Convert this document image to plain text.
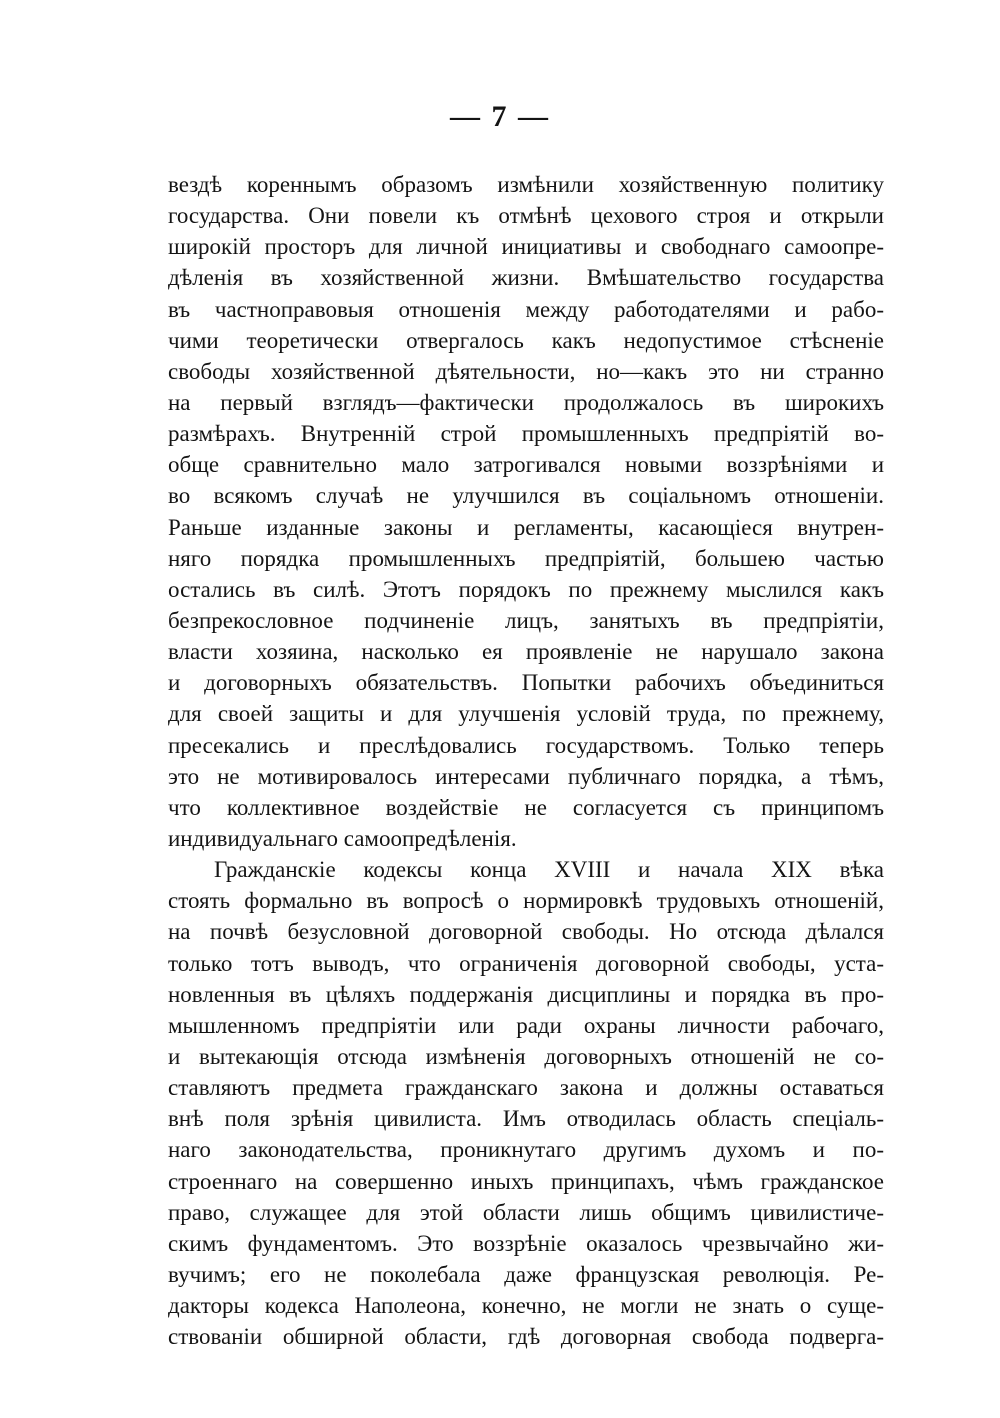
— 7 —
вездѣ кореннымъ образомъ измѣнили хозяйственную политику
государства. Они повели къ отмѣнѣ цехового строя и открыли
широкій просторъ для личной инициативы и свободнаго самоопре-
дѣленія въ хозяйственной жизни. Вмѣшательство государства
въ частноправовыя отношенія между работодателями и рабо-
чими теоретически отвергалось какъ недопустимое стѣсненіе
свободы хозяйственной дѣятельности, но—какъ это ни странно
на первый взглядъ—фактически продолжалось въ широкихъ
размѣрахъ. Внутренній строй промышленныхъ предпріятій во-
обще сравнительно мало затрогивался новыми воззрѣніями и
во всякомъ случаѣ не улучшился въ соціальномъ отношеніи.
Раньше изданные законы и регламенты, касающіеся внутрен-
няго порядка промышленныхъ предпріятій, большею частью
остались въ силѣ. Этотъ порядокъ по прежнему мыслился какъ
безпрекословное подчиненіе лицъ, занятыхъ въ предпріятіи,
власти хозяина, насколько ея проявленіе не нарушало закона
и договорныхъ обязательствъ. Попытки рабочихъ объединиться
для своей защиты и для улучшенія условій труда, по прежнему,
пресекались и преслѣдовались государствомъ. Только теперь
это не мотивировалось интересами публичнаго порядка, а тѣмъ,
что коллективное воздействіе не согласуется съ принципомъ
индивидуальнаго самоопредѣленія.
Гражданскіе кодексы конца XVIII и начала XIX вѣка
стоять формально въ вопросѣ о нормировкѣ трудовыхъ отношеній,
на почвѣ безусловной договорной свободы. Но отсюда дѣлался
только тотъ выводъ, что ограниченія договорной свободы, уста-
новленныя въ цѣляхъ поддержанія дисциплины и порядка въ про-
мышленномъ предпріятіи или ради охраны личности рабочаго,
и вытекающія отсюда измѣненія договорныхъ отношеній не со-
ставляютъ предмета гражданскаго закона и должны оставаться
внѣ поля зрѣнія цивилиста. Имъ отводилась область спеціаль-
наго законодательства, проникнутаго другимъ духомъ и по-
строеннаго на совершенно иныхъ принципахъ, чѣмъ гражданское
право, служащее для этой области лишь общимъ цивилистиче-
скимъ фундаментомъ. Это воззрѣніе оказалось чрезвычайно жи-
вучимъ; его не поколебала даже французская революція. Ре-
дакторы кодекса Наполеона, конечно, не могли не знать о суще-
ствованіи обширной области, гдѣ договорная свобода подверга-
